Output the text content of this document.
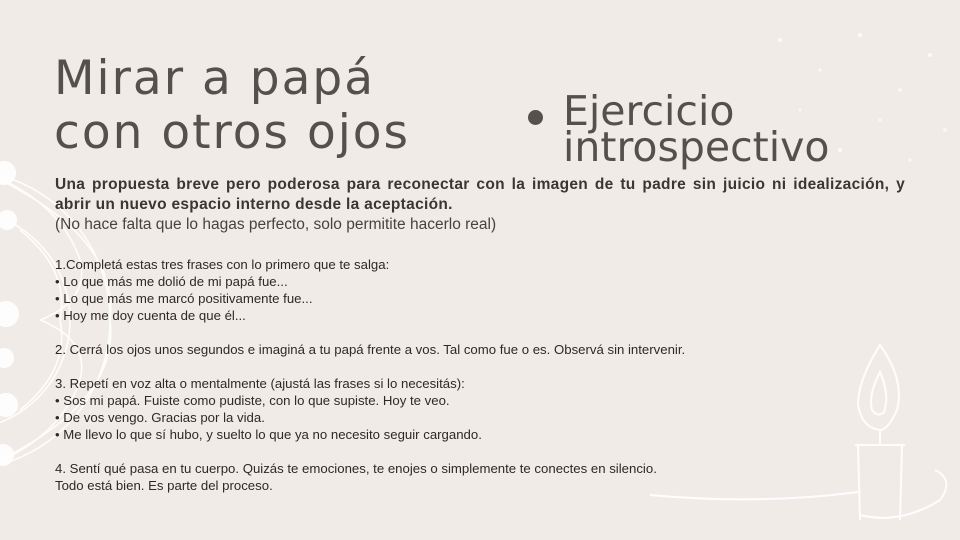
Mirar a papá
con otros ojos	Ejercicio
introspectivo
Una propuesta breve pero poderosa para reconectar con la imagen de tu padre sin juicio ni idealización, y abrir un nuevo espacio interno desde la aceptación.
(No hace falta que lo hagas perfecto, solo permitite hacerlo real)
1.Completá estas tres frases con lo primero que te salga:
• Lo que más me dolió de mi papá fue...
• Lo que más me marcó positivamente fue...
• Hoy me doy cuenta de que él...
2. Cerrá los ojos unos segundos e imaginá a tu papá frente a vos. Tal como fue o es. Observá sin intervenir.
3. Repetí en voz alta o mentalmente (ajustá las frases si lo necesitás):
• Sos mi papá. Fuiste como pudiste, con lo que supiste. Hoy te veo.
• De vos vengo. Gracias por la vida.
• Me llevo lo que sí hubo, y suelto lo que ya no necesito seguir cargando.
4. Sentí qué pasa en tu cuerpo. Quizás te emociones, te enojes o simplemente te conectes en silencio.
Todo está bien. Es parte del proceso.
